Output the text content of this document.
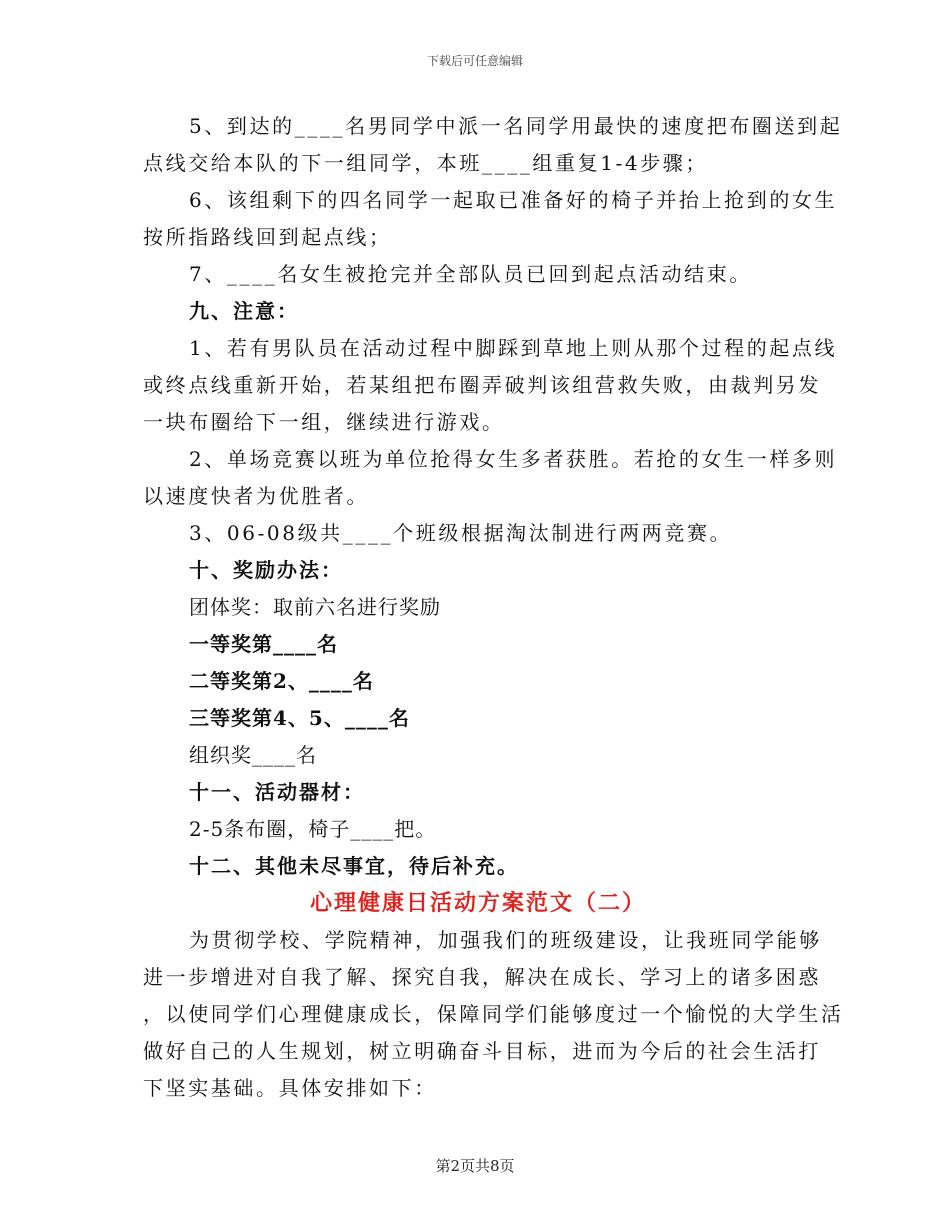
下载后可任意编辑

5、到达的____名男同学中派一名同学用最快的速度把布圈送到起

点线交给本队的下一组同学，本班____组重复1-4步骤；

6、该组剩下的四名同学一起取已准备好的椅子并抬上抢到的女生

按所指路线回到起点线；

7、____名女生被抢完并全部队员已回到起点活动结束。

九、注意：

1、若有男队员在活动过程中脚踩到草地上则从那个过程的起点线

或终点线重新开始，若某组把布圈弄破判该组营救失败，由裁判另发

一块布圈给下一组，继续进行游戏。

2、单场竞赛以班为单位抢得女生多者获胜。若抢的女生一样多则

以速度快者为优胜者。

3、06-08级共____个班级根据淘汰制进行两两竞赛。

十、奖励办法：

团体奖：取前六名进行奖励

一等奖第____名

二等奖第2、____名

三等奖第4、5、____名

组织奖____名

十一、活动器材：

2-5条布圈，椅子____把。

十二、其他未尽事宜，待后补充。

心理健康日活动方案范文（二）

为贯彻学校、学院精神，加强我们的班级建设，让我班同学能够

进一步增进对自我了解、探究自我，解决在成长、学习上的诸多困惑

，以使同学们心理健康成长，保障同学们能够度过一个愉悦的大学生活

做好自己的人生规划，树立明确奋斗目标，进而为今后的社会生活打

下坚实基础。具体安排如下：

第2页共8页
